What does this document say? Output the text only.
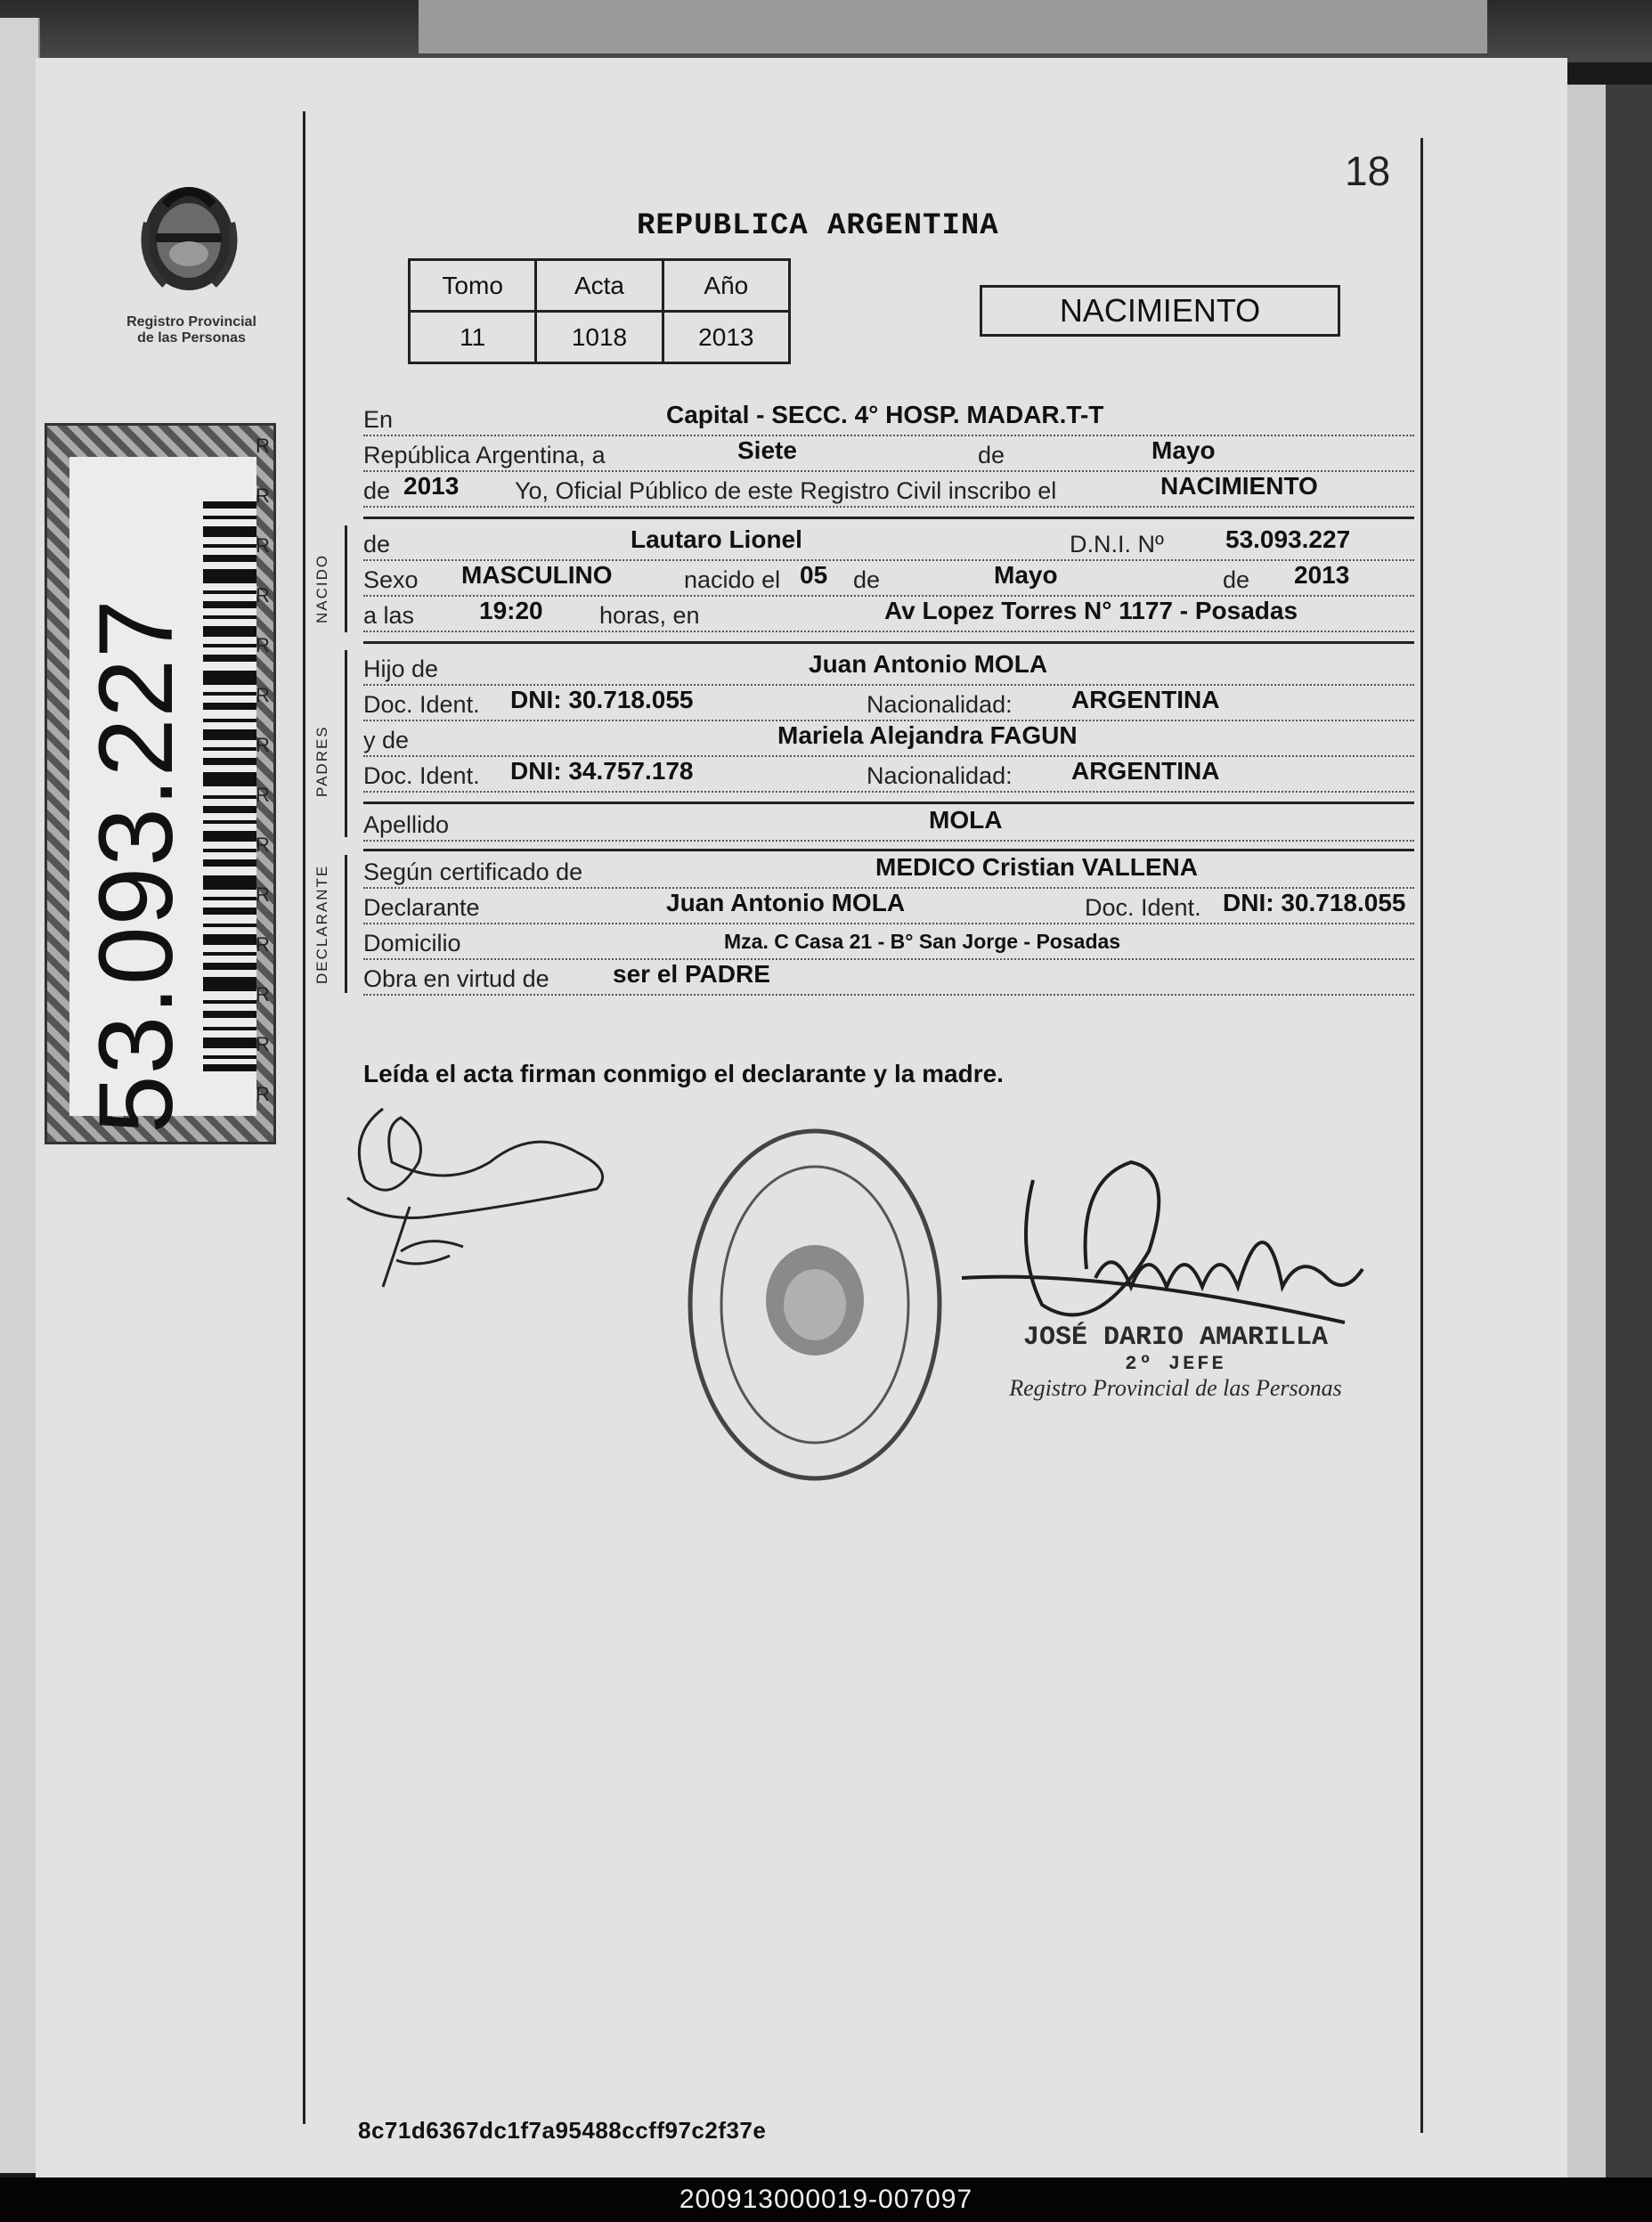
Registro Provincial
de las Personas
53.093.227
R
R
R
R
R
R
R
R
R
R
R
R
R
R
18
REPUBLICA ARGENTINA
Tomo	Acta	Año
11	1018	2013
NACIMIENTO
En	Capital - SECC. 4° HOSP. MADAR.T-T
República Argentina, a	Siete	de	Mayo
de 2013 Yo, Oficial Público de este Registro Civil inscribo el	NACIMIENTO
NACIDO
de	Lautaro Lionel	D.N.I. Nº 53.093.227
Sexo MASCULINO	nacido el 05 de	Mayo	de 2013
a las	19:20 horas, en	Av Lopez Torres N° 1177 - Posadas
PADRES
Hijo de	Juan Antonio MOLA
Doc. Ident. DNI: 30.718.055	Nacionalidad: ARGENTINA
y de	Mariela Alejandra FAGUN
Doc. Ident. DNI: 34.757.178	Nacionalidad: ARGENTINA
Apellido	MOLA
DECLARANTE Según certificado de	MEDICO Cristian VALLENA
Declarante	Juan Antonio MOLA	Doc. Ident. DNI: 30.718.055
Domicilio	Mza. C Casa 21 - B° San Jorge - Posadas
Obra en virtud de	ser el PADRE
Leída el acta firman conmigo el declarante y la madre.
JOSÉ DARIO AMARILLA
2º JEFE
Registro Provincial de las Personas
8c71d6367dc1f7a95488ccff97c2f37e
200913000019-007097
